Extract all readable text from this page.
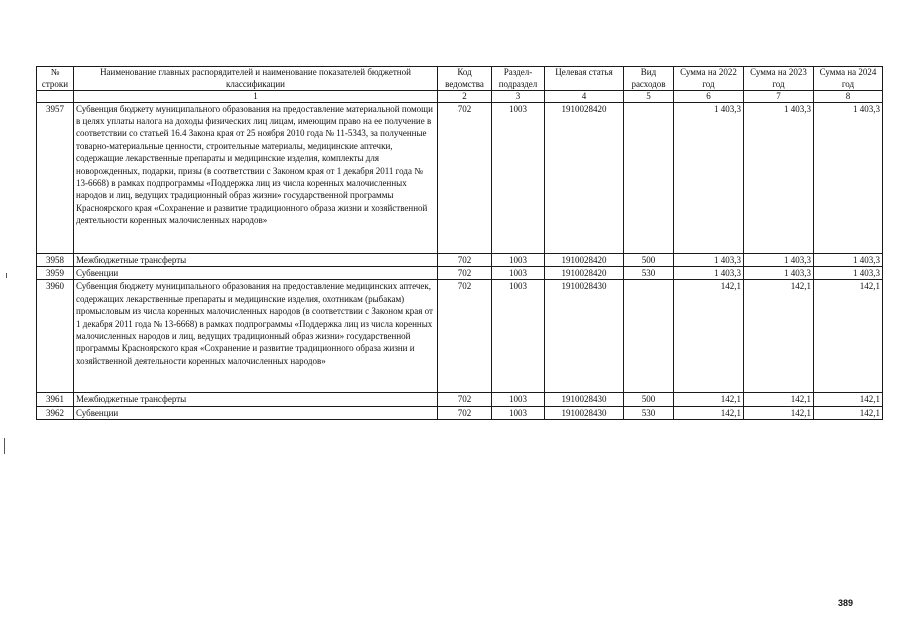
№ строки	Наименование главных распорядителей и наименование показателей бюджетной классификации	Код ведомства	Раздел-подраздел	Целевая статья	Вид расходов	Сумма на 2022 год	Сумма на 2023 год	Сумма на 2024 год
	1	2	3	4	5	6	7	8
3957	Субвенция бюджету муниципального образования на предоставление материальной помощи в целях уплаты налога на доходы физических лиц лицам, имеющим право на ее получение в соответствии со статьей 16.4 Закона края от 25 ноября 2010 года № 11-5343, за полученные товарно-материальные ценности, строительные материалы, медицинские аптечки, содержащие лекарственные препараты и медицинские изделия, комплекты для новорожденных, подарки, призы (в соответствии с Законом края от 1 декабря 2011 года № 13-6668) в рамках подпрограммы «Поддержка лиц из числа коренных малочисленных народов и лиц, ведущих традиционный образ жизни» государственной программы Красноярского края «Сохранение и развитие традиционного образа жизни и хозяйственной деятельности коренных малочисленных народов»	702	1003	1910028420		1 403,3	1 403,3	1 403,3
3958	Межбюджетные трансферты	702	1003	1910028420	500	1 403,3	1 403,3	1 403,3
3959	Субвенции	702	1003	1910028420	530	1 403,3	1 403,3	1 403,3
3960	Субвенция бюджету муниципального образования на предоставление медицинских аптечек, содержащих лекарственные препараты и медицинские изделия, охотникам (рыбакам) промысловым из числа коренных малочисленных народов (в соответствии с Законом края от 1 декабря 2011 года № 13-6668) в рамках подпрограммы «Поддержка лиц из числа коренных малочисленных народов и лиц, ведущих традиционный образ жизни» государственной программы Красноярского края «Сохранение и развитие традиционного образа жизни и хозяйственной деятельности коренных малочисленных народов»	702	1003	1910028430		142,1	142,1	142,1
3961	Межбюджетные трансферты	702	1003	1910028430	500	142,1	142,1	142,1
3962	Субвенции	702	1003	1910028430	530	142,1	142,1	142,1
389
